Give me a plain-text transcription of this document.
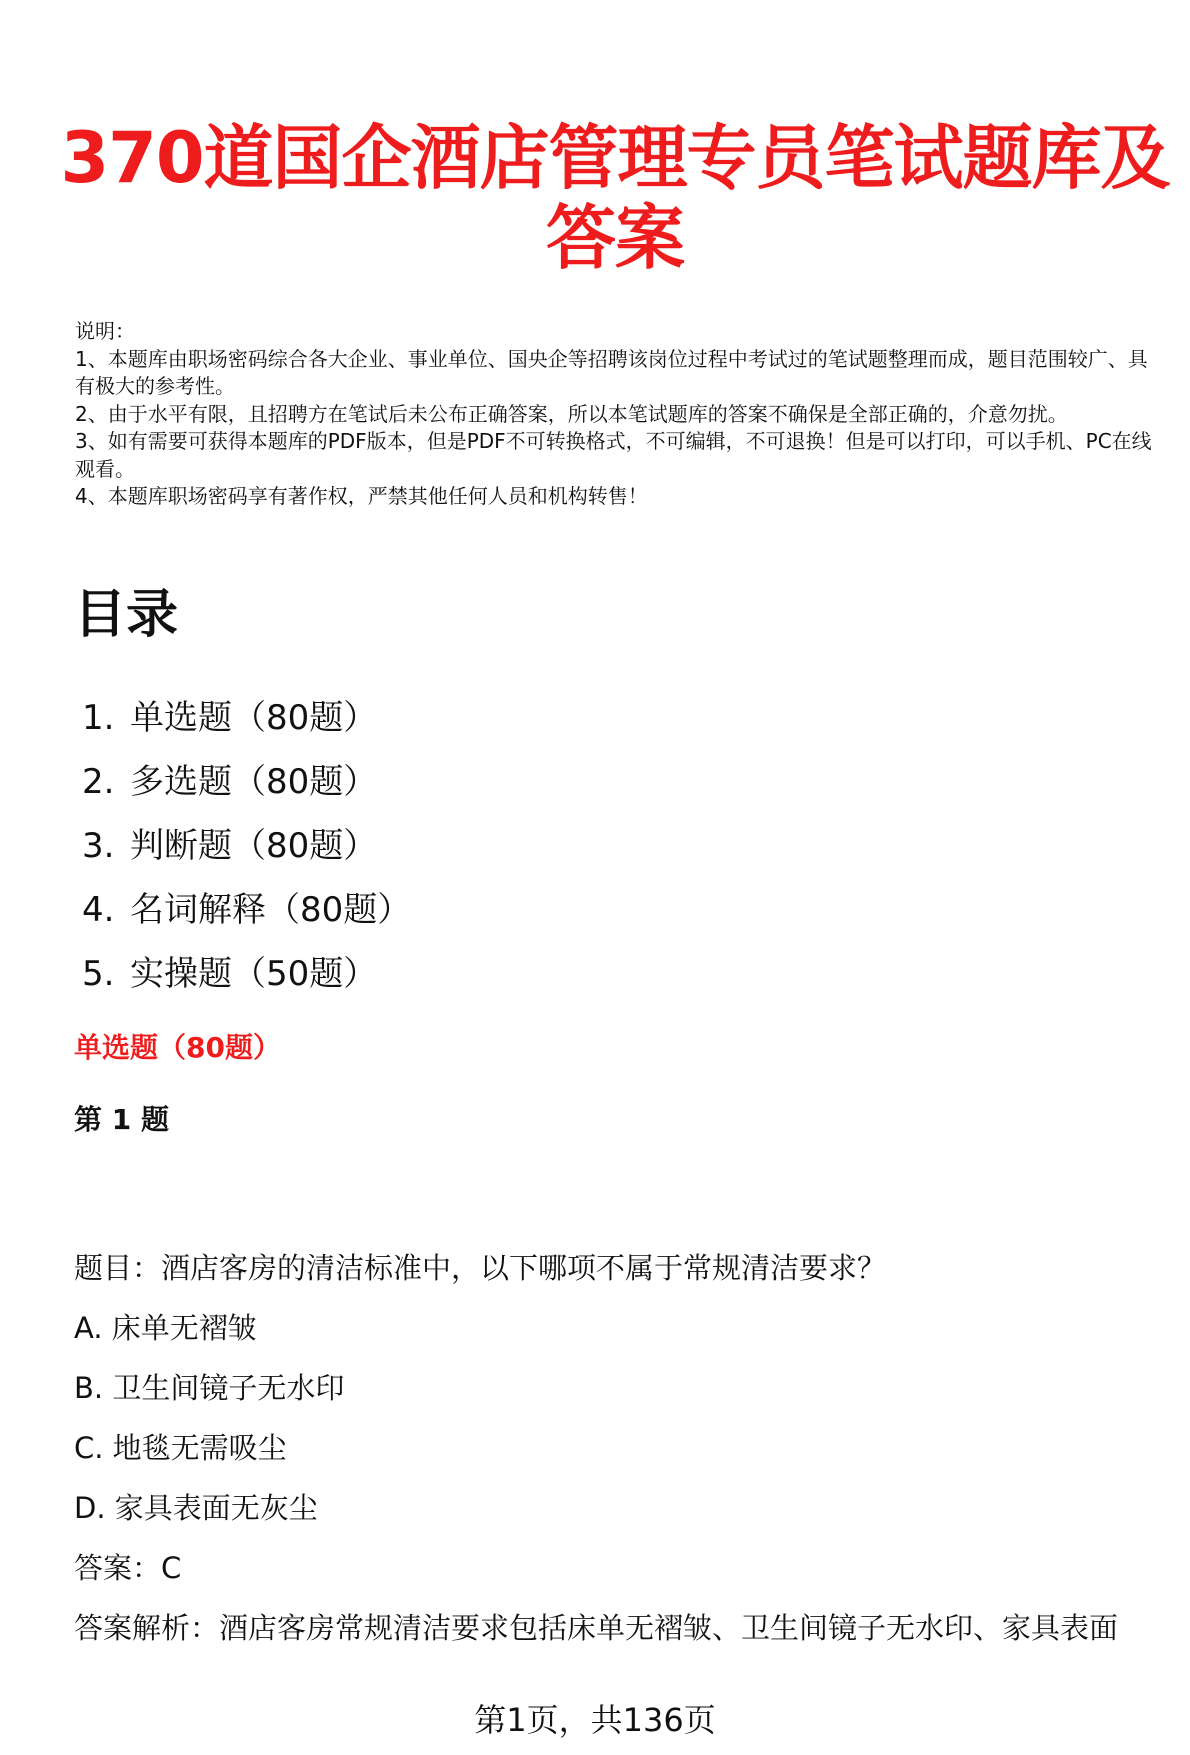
370道国企酒店管理专员笔试题库及答案

说明：

1、本题库由职场密码综合各大企业、事业单位、国央企等招聘该岗位过程中考试过的笔试题整理而成，题目范围较广、具有极大的参考性。

2、由于水平有限，且招聘方在笔试后未公布正确答案，所以本笔试题库的答案不确保是全部正确的，介意勿扰。

3、如有需要可获得本题库的PDF版本，但是PDF不可转换格式，不可编辑，不可退换！但是可以打印，可以手机、PC在线观看。

4、本题库职场密码享有著作权，严禁其他任何人员和机构转售！

目录
1. 单选题（80题）
2. 多选题（80题）
3. 判断题（80题）
4. 名词解释（80题）
5. 实操题（50题）
单选题（80题）
第 1 题
题目：酒店客房的清洁标准中，以下哪项不属于常规清洁要求？
A. 床单无褶皱
B. 卫生间镜子无水印
C. 地毯无需吸尘
D. 家具表面无灰尘
答案：C
答案解析：酒店客房常规清洁要求包括床单无褶皱、卫生间镜子无水印、家具表面
第1页，共136页
